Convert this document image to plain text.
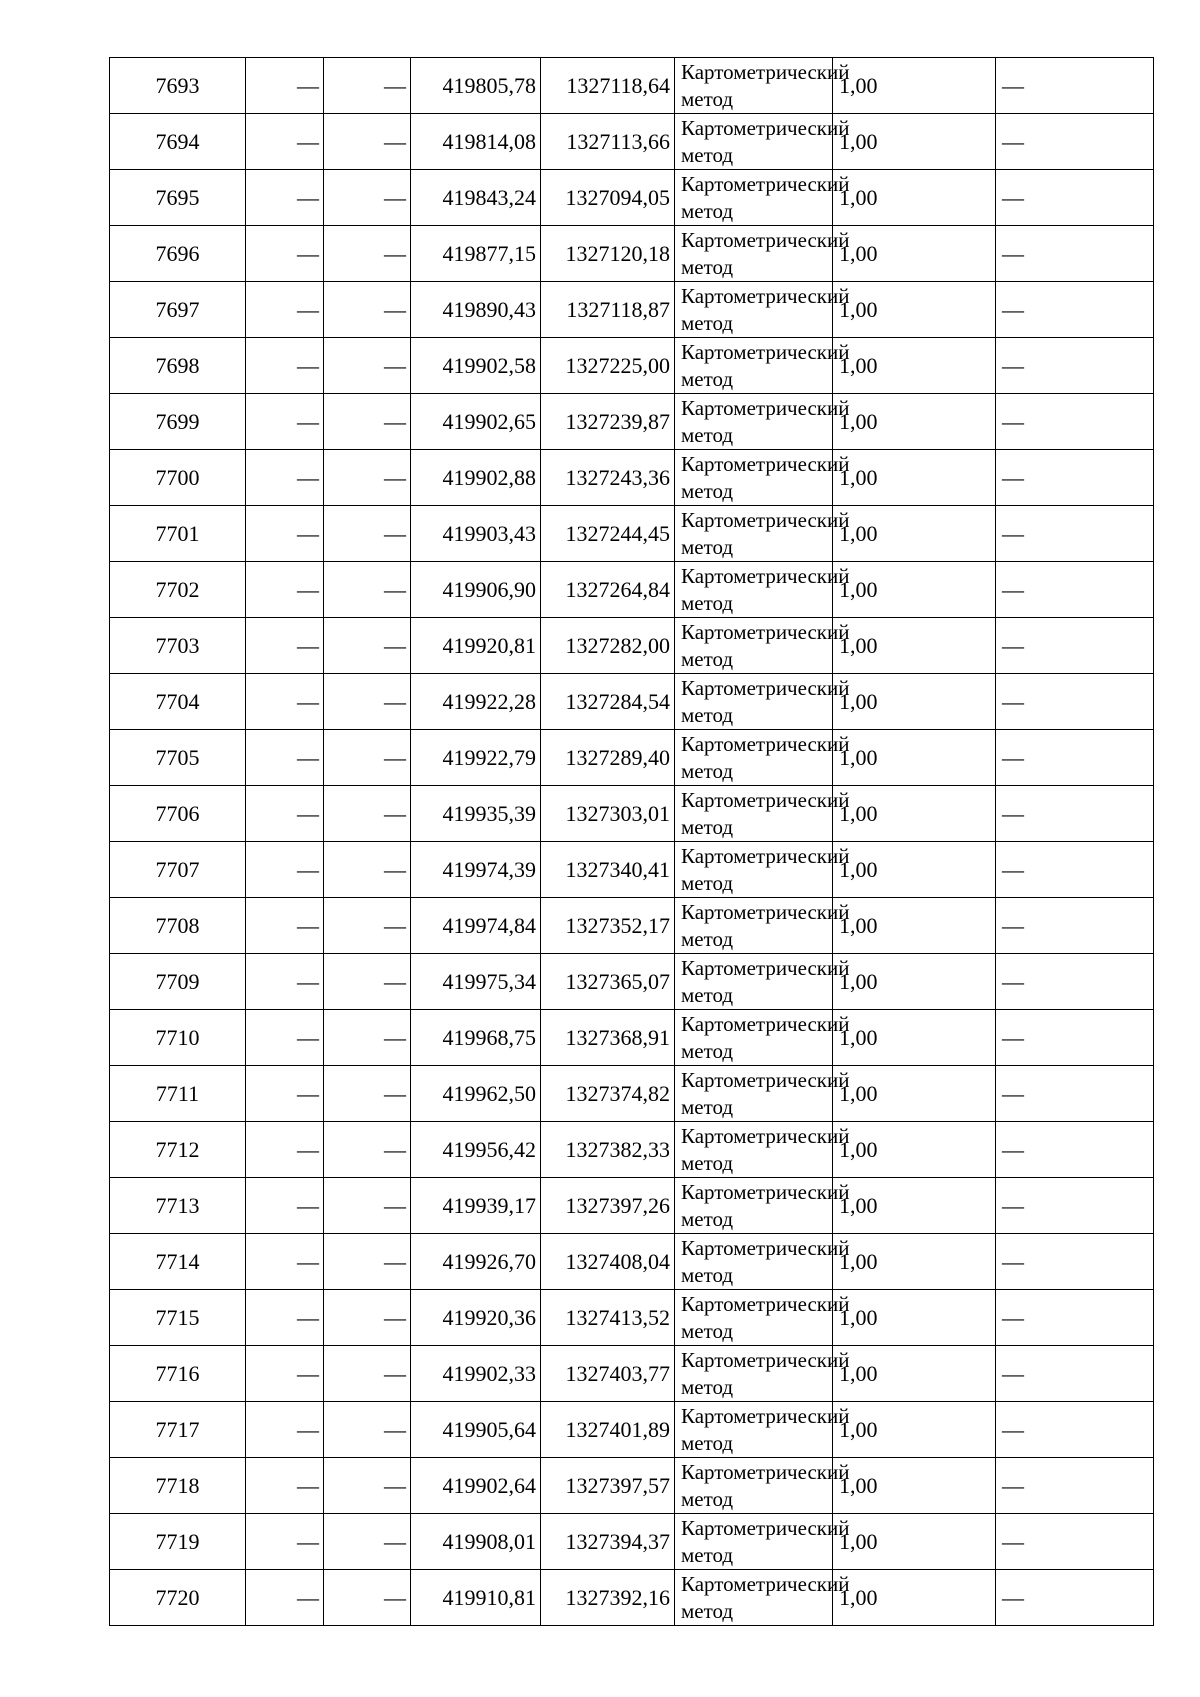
7693	—	—	419805,78	1327118,64	Картометрический метод	1,00	—
7694	—	—	419814,08	1327113,66	Картометрический метод	1,00	—
7695	—	—	419843,24	1327094,05	Картометрический метод	1,00	—
7696	—	—	419877,15	1327120,18	Картометрический метод	1,00	—
7697	—	—	419890,43	1327118,87	Картометрический метод	1,00	—
7698	—	—	419902,58	1327225,00	Картометрический метод	1,00	—
7699	—	—	419902,65	1327239,87	Картометрический метод	1,00	—
7700	—	—	419902,88	1327243,36	Картометрический метод	1,00	—
7701	—	—	419903,43	1327244,45	Картометрический метод	1,00	—
7702	—	—	419906,90	1327264,84	Картометрический метод	1,00	—
7703	—	—	419920,81	1327282,00	Картометрический метод	1,00	—
7704	—	—	419922,28	1327284,54	Картометрический метод	1,00	—
7705	—	—	419922,79	1327289,40	Картометрический метод	1,00	—
7706	—	—	419935,39	1327303,01	Картометрический метод	1,00	—
7707	—	—	419974,39	1327340,41	Картометрический метод	1,00	—
7708	—	—	419974,84	1327352,17	Картометрический метод	1,00	—
7709	—	—	419975,34	1327365,07	Картометрический метод	1,00	—
7710	—	—	419968,75	1327368,91	Картометрический метод	1,00	—
7711	—	—	419962,50	1327374,82	Картометрический метод	1,00	—
7712	—	—	419956,42	1327382,33	Картометрический метод	1,00	—
7713	—	—	419939,17	1327397,26	Картометрический метод	1,00	—
7714	—	—	419926,70	1327408,04	Картометрический метод	1,00	—
7715	—	—	419920,36	1327413,52	Картометрический метод	1,00	—
7716	—	—	419902,33	1327403,77	Картометрический метод	1,00	—
7717	—	—	419905,64	1327401,89	Картометрический метод	1,00	—
7718	—	—	419902,64	1327397,57	Картометрический метод	1,00	—
7719	—	—	419908,01	1327394,37	Картометрический метод	1,00	—
7720	—	—	419910,81	1327392,16	Картометрический метод	1,00	—
